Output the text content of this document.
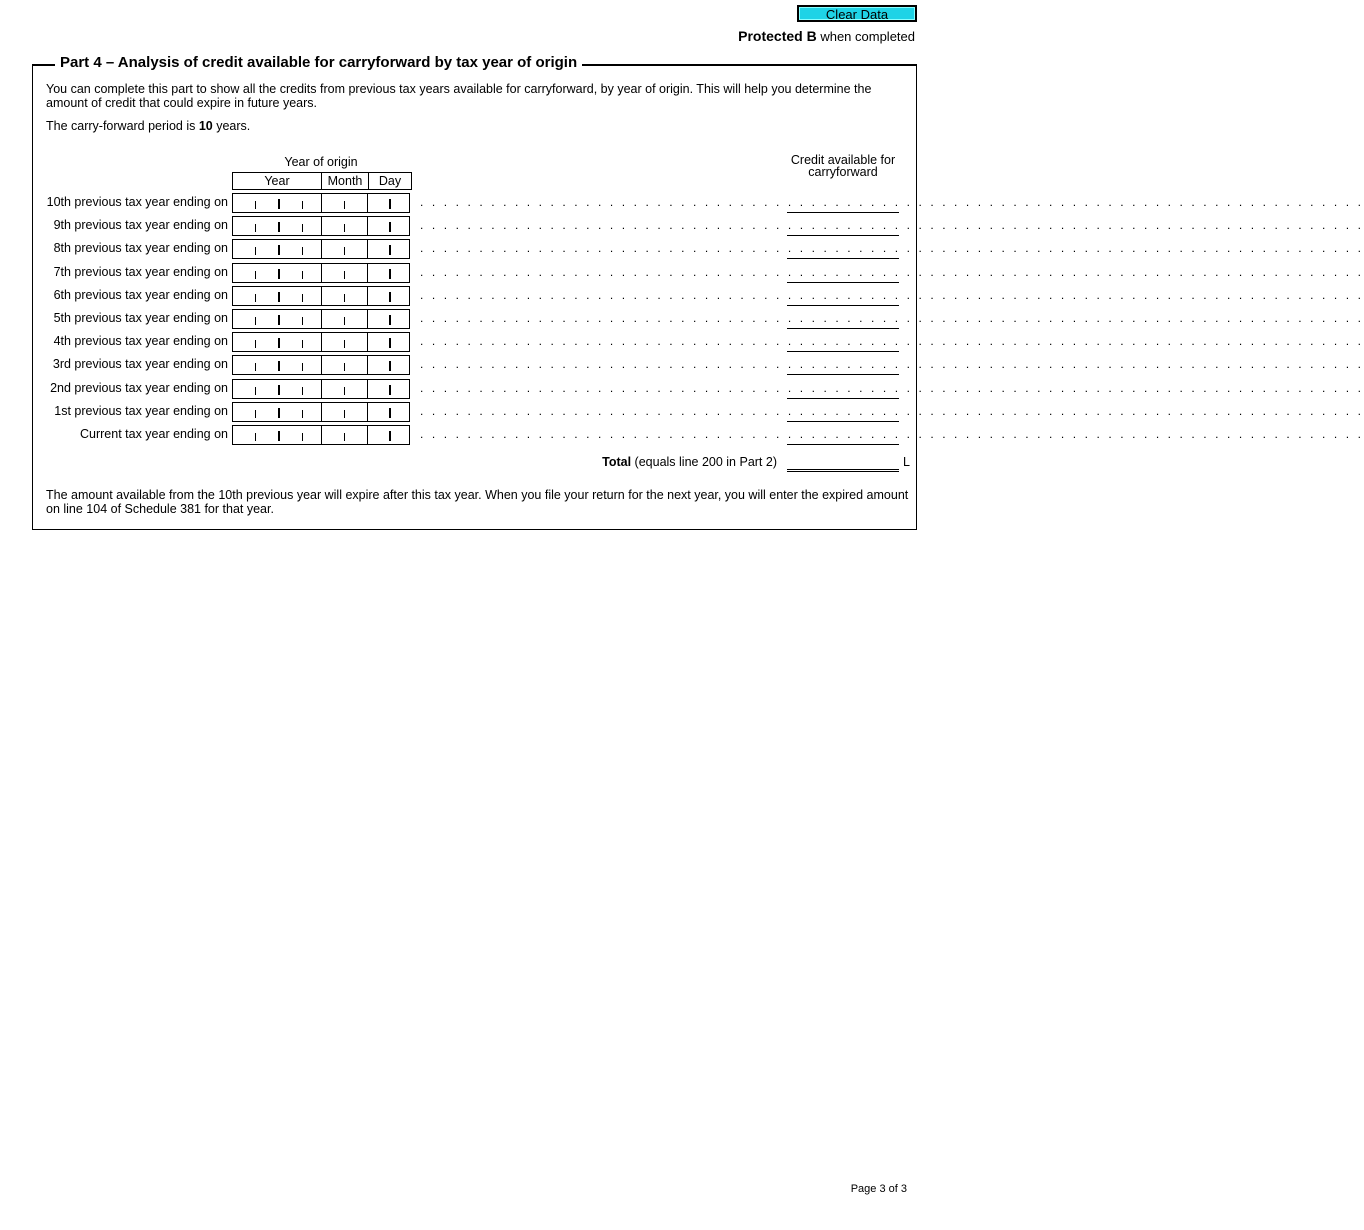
Clear Data
Protected B when completed
Part 4 – Analysis of credit available for carryforward by tax year of origin
You can complete this part to show all the credits from previous tax years available for carryforward, by year of origin. This will help you determine the amount of credit that could expire in future years.
The carry-forward period is 10 years.
Year of origin
Year	Month	Day
Credit available for carryforward
10th previous tax year ending on	. . . . . . . . . . . . . . . . . . . . . . . . . . . . . . . . . . . . . . . . . . . . . . . . . . . . . . . . . . . . . . . . . . . . . . . . . . . . . . . .
9th previous tax year ending on	. . . . . . . . . . . . . . . . . . . . . . . . . . . . . . . . . . . . . . . . . . . . . . . . . . . . . . . . . . . . . . . . . . . . . . . . . . . . . . . .
8th previous tax year ending on	. . . . . . . . . . . . . . . . . . . . . . . . . . . . . . . . . . . . . . . . . . . . . . . . . . . . . . . . . . . . . . . . . . . . . . . . . . . . . . . .
7th previous tax year ending on	. . . . . . . . . . . . . . . . . . . . . . . . . . . . . . . . . . . . . . . . . . . . . . . . . . . . . . . . . . . . . . . . . . . . . . . . . . . . . . . .
6th previous tax year ending on	. . . . . . . . . . . . . . . . . . . . . . . . . . . . . . . . . . . . . . . . . . . . . . . . . . . . . . . . . . . . . . . . . . . . . . . . . . . . . . . .
5th previous tax year ending on	. . . . . . . . . . . . . . . . . . . . . . . . . . . . . . . . . . . . . . . . . . . . . . . . . . . . . . . . . . . . . . . . . . . . . . . . . . . . . . . .
4th previous tax year ending on	. . . . . . . . . . . . . . . . . . . . . . . . . . . . . . . . . . . . . . . . . . . . . . . . . . . . . . . . . . . . . . . . . . . . . . . . . . . . . . . .
3rd previous tax year ending on	. . . . . . . . . . . . . . . . . . . . . . . . . . . . . . . . . . . . . . . . . . . . . . . . . . . . . . . . . . . . . . . . . . . . . . . . . . . . . . . .
2nd previous tax year ending on	. . . . . . . . . . . . . . . . . . . . . . . . . . . . . . . . . . . . . . . . . . . . . . . . . . . . . . . . . . . . . . . . . . . . . . . . . . . . . . . .
1st previous tax year ending on	. . . . . . . . . . . . . . . . . . . . . . . . . . . . . . . . . . . . . . . . . . . . . . . . . . . . . . . . . . . . . . . . . . . . . . . . . . . . . . . .
Current tax year ending on	. . . . . . . . . . . . . . . . . . . . . . . . . . . . . . . . . . . . . . . . . . . . . . . . . . . . . . . . . . . . . . . . . . . . . . . . . . . . . . . .
Total (equals line 200 in Part 2)	L
The amount available from the 10th previous year will expire after this tax year. When you file your return for the next year, you will enter the expired amount on line 104 of Schedule 381 for that year.
Page 3 of 3
